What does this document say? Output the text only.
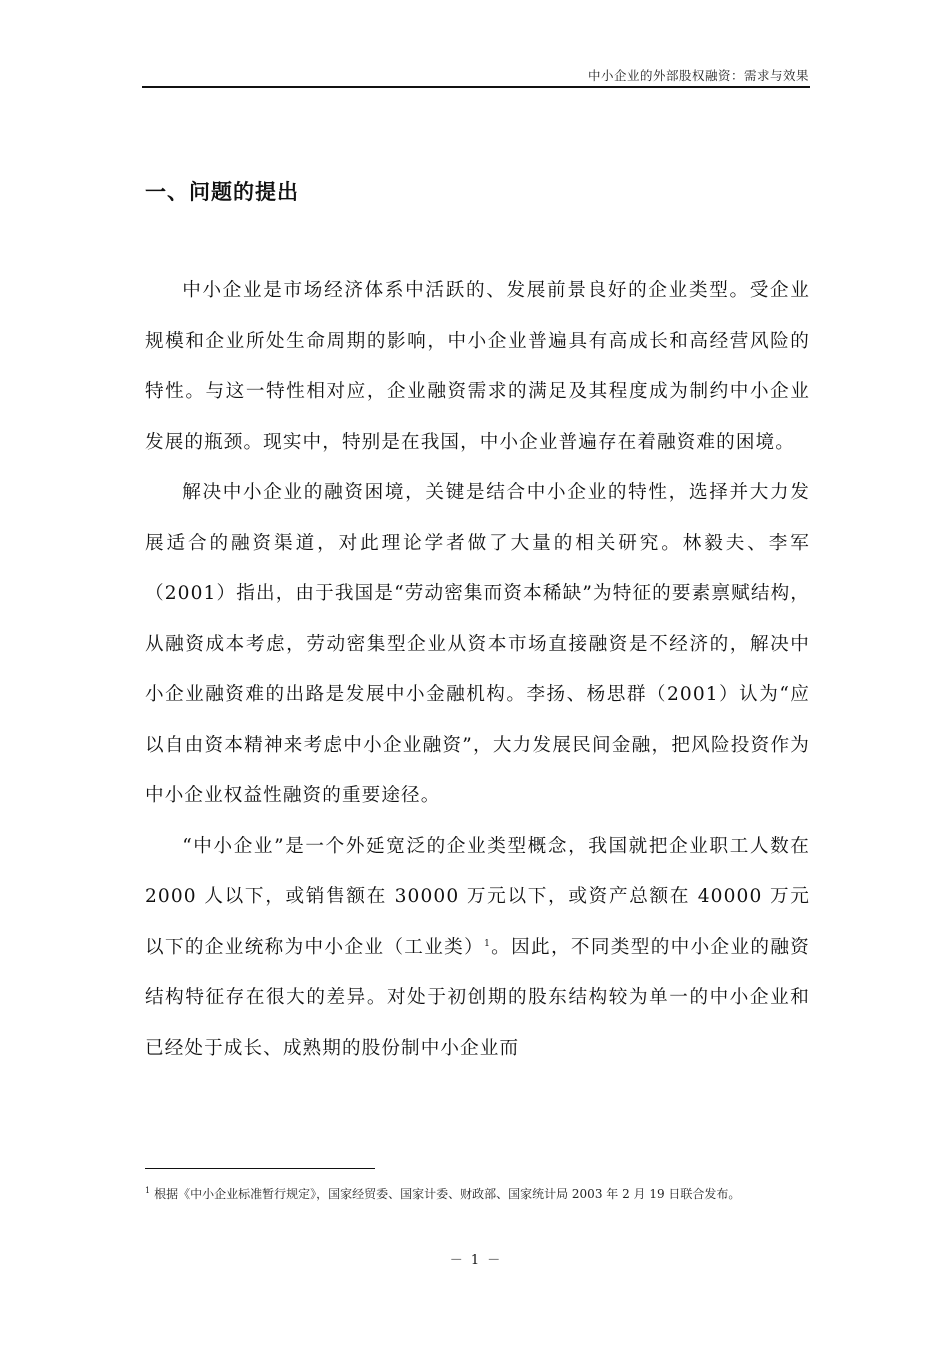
中小企业的外部股权融资：需求与效果
一、问题的提出

中小企业是市场经济体系中活跃的、发展前景良好的企业类型。受企业规模和企业所处生命周期的影响，中小企业普遍具有高成长和高经营风险的特性。与这一特性相对应，企业融资需求的满足及其程度成为制约中小企业发展的瓶颈。现实中，特别是在我国，中小企业普遍存在着融资难的困境。

解决中小企业的融资困境，关键是结合中小企业的特性，选择并大力发展适合的融资渠道，对此理论学者做了大量的相关研究。林毅夫、李军（2001）指出，由于我国是“劳动密集而资本稀缺”为特征的要素禀赋结构，从融资成本考虑，劳动密集型企业从资本市场直接融资是不经济的，解决中小企业融资难的出路是发展中小金融机构。李扬、杨思群（2001）认为“应以自由资本精神来考虑中小企业融资”，大力发展民间金融，把风险投资作为中小企业权益性融资的重要途径。

“中小企业”是一个外延宽泛的企业类型概念，我国就把企业职工人数在 2000 人以下，或销售额在 30000 万元以下，或资产总额在 40000 万元以下的企业统称为中小企业（工业类）$^1$。因此，不同类型的中小企业的融资结构特征存在很大的差异。对处于初创期的股东结构较为单一的中小企业和已经处于成长、成熟期的股份制中小企业而

$^1$ 根据《中小企业标准暂行规定》，国家经贸委、国家计委、财政部、国家统计局 2003 年 2 月 19 日联合发布。
－ 1 －
